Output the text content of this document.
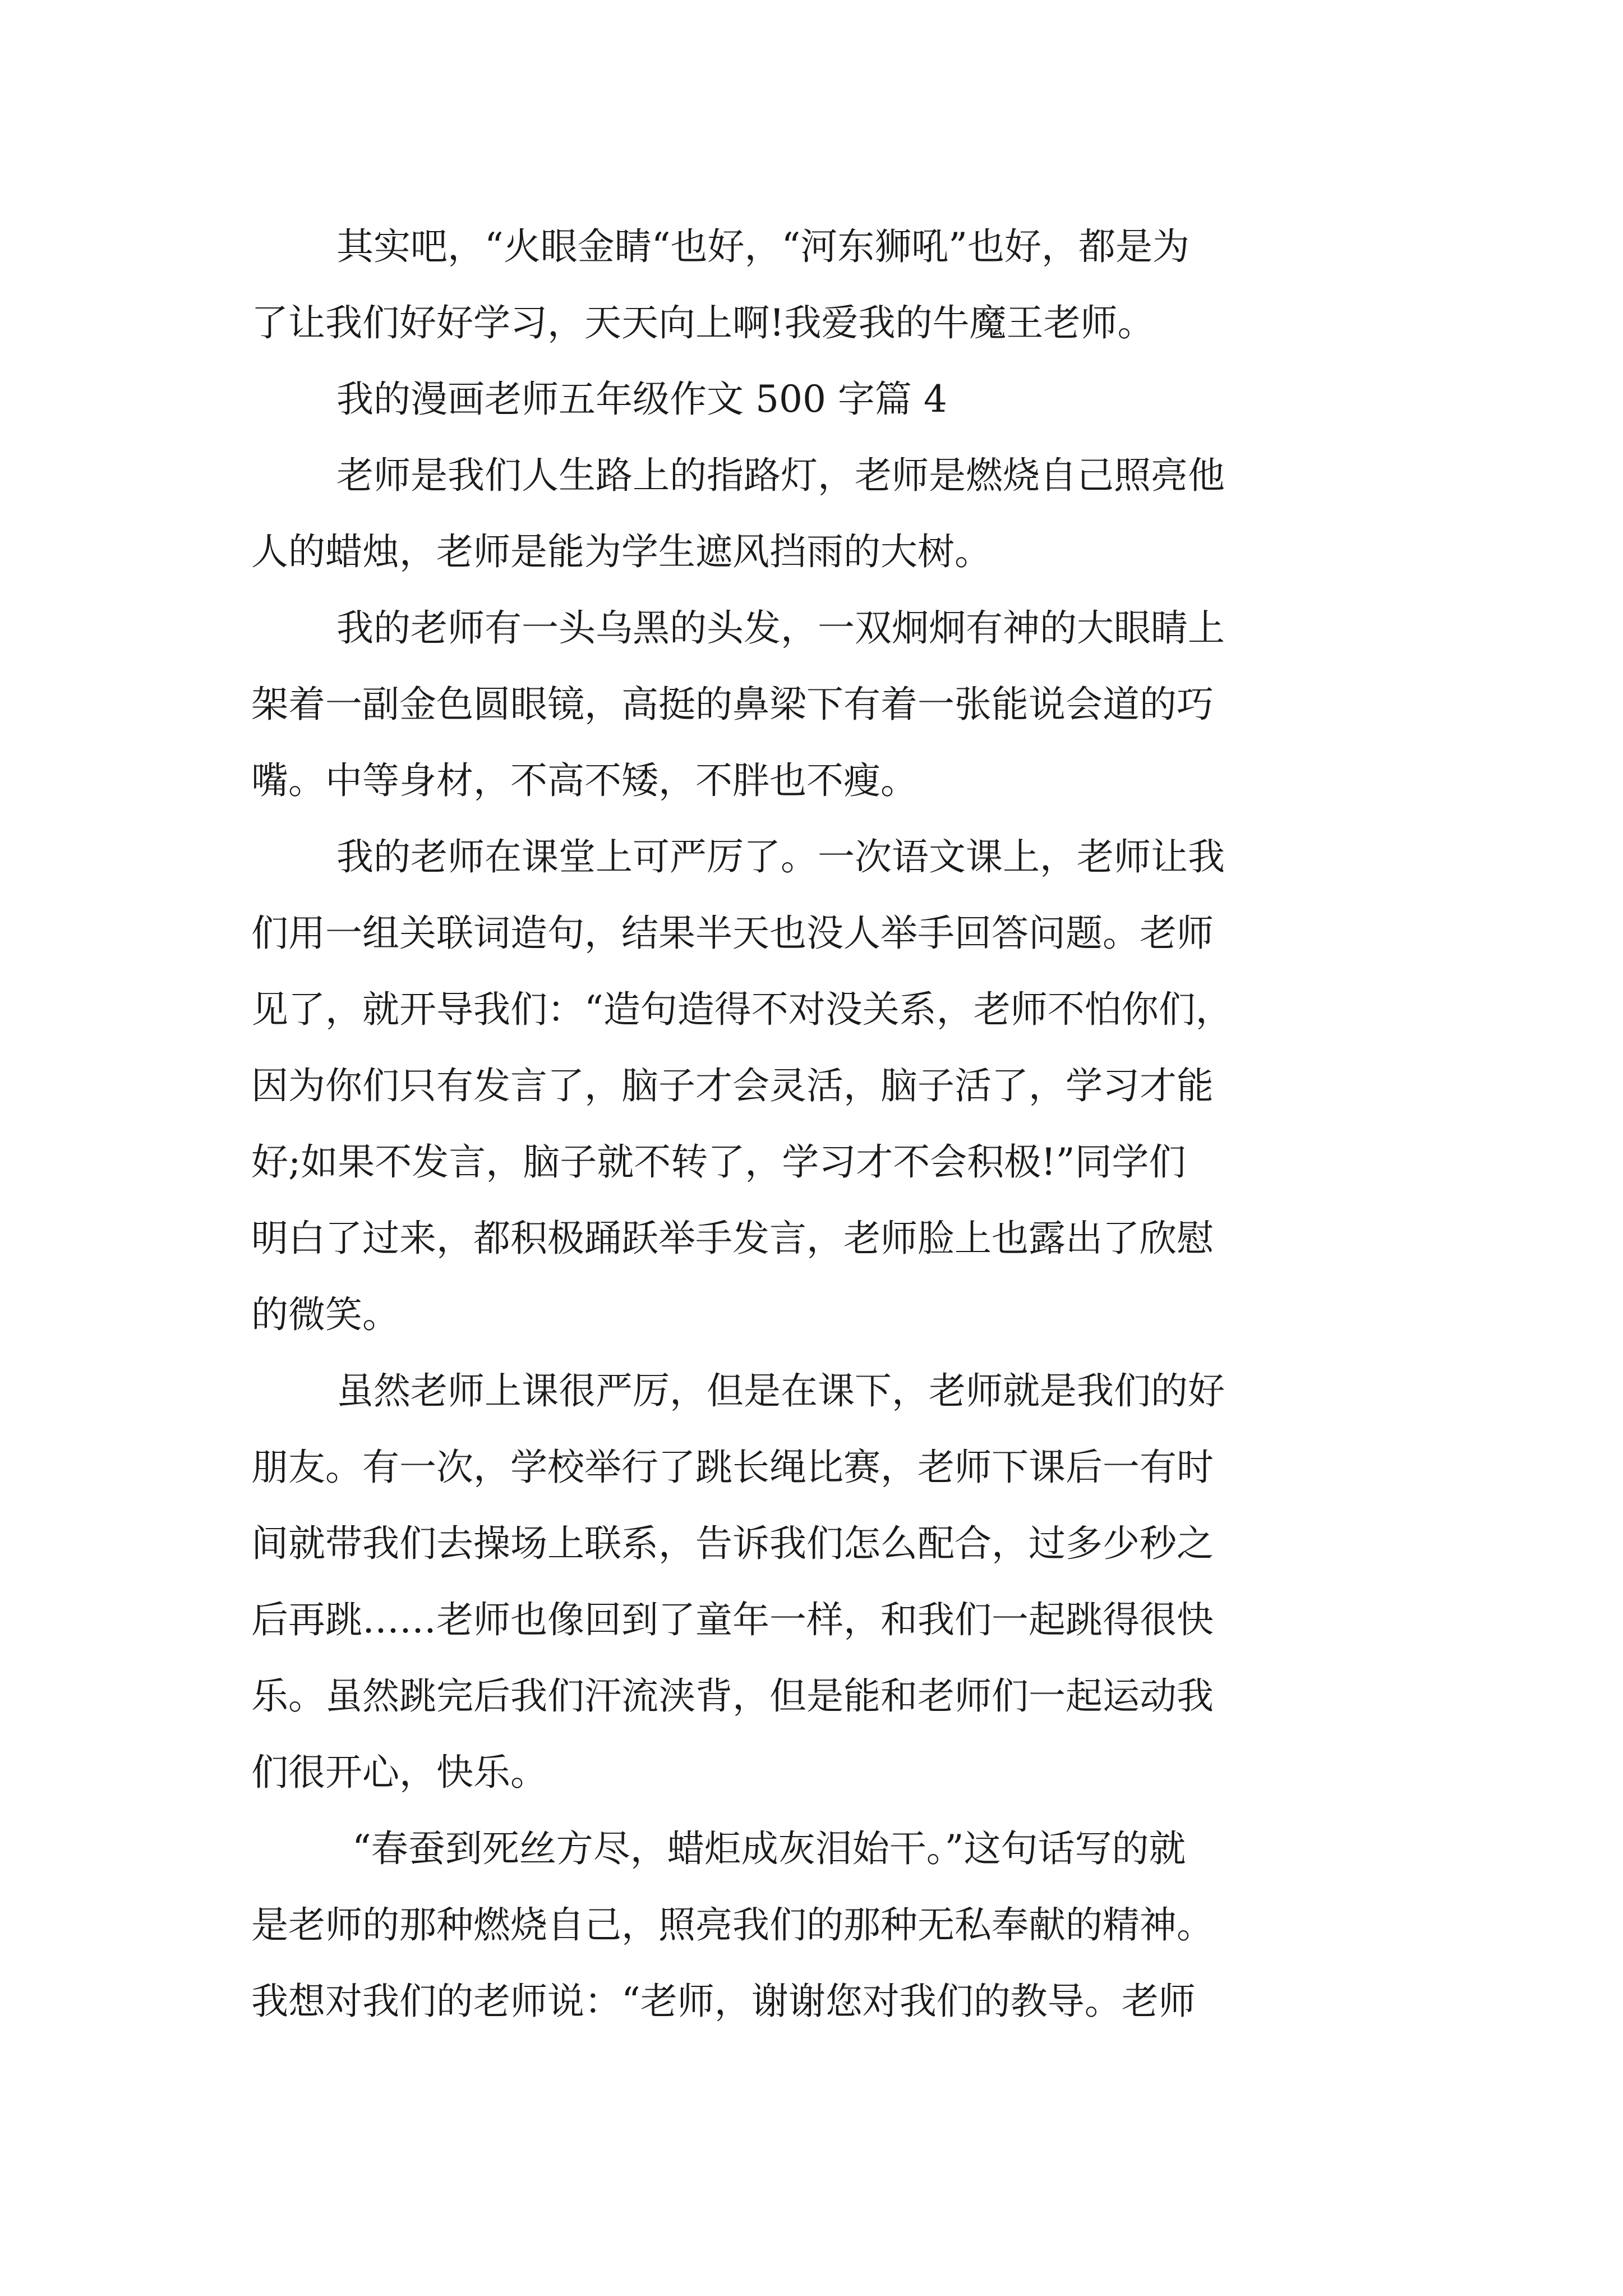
其实吧，“火眼金睛“也好，“河东狮吼”也好，都是为
了让我们好好学习，天天向上啊!我爱我的牛魔王老师。
我的漫画老师五年级作文 500 字篇 4
老师是我们人生路上的指路灯，老师是燃烧自己照亮他
人的蜡烛，老师是能为学生遮风挡雨的大树。
我的老师有一头乌黑的头发，一双炯炯有神的大眼睛上
架着一副金色圆眼镜，高挺的鼻梁下有着一张能说会道的巧
嘴。中等身材，不高不矮，不胖也不瘦。
我的老师在课堂上可严厉了。一次语文课上，老师让我
们用一组关联词造句，结果半天也没人举手回答问题。老师
见了，就开导我们：“造句造得不对没关系，老师不怕你们，
因为你们只有发言了，脑子才会灵活，脑子活了，学习才能
好;如果不发言，脑子就不转了，学习才不会积极!”同学们
明白了过来，都积极踊跃举手发言，老师脸上也露出了欣慰
的微笑。
虽然老师上课很严厉，但是在课下，老师就是我们的好
朋友。有一次，学校举行了跳长绳比赛，老师下课后一有时
间就带我们去操场上联系，告诉我们怎么配合，过多少秒之
后再跳……老师也像回到了童年一样，和我们一起跳得很快
乐。虽然跳完后我们汗流浃背，但是能和老师们一起运动我
们很开心，快乐。
“春蚕到死丝方尽，蜡炬成灰泪始干。”这句话写的就
是老师的那种燃烧自己，照亮我们的那种无私奉献的精神。
我想对我们的老师说：“老师，谢谢您对我们的教导。老师
